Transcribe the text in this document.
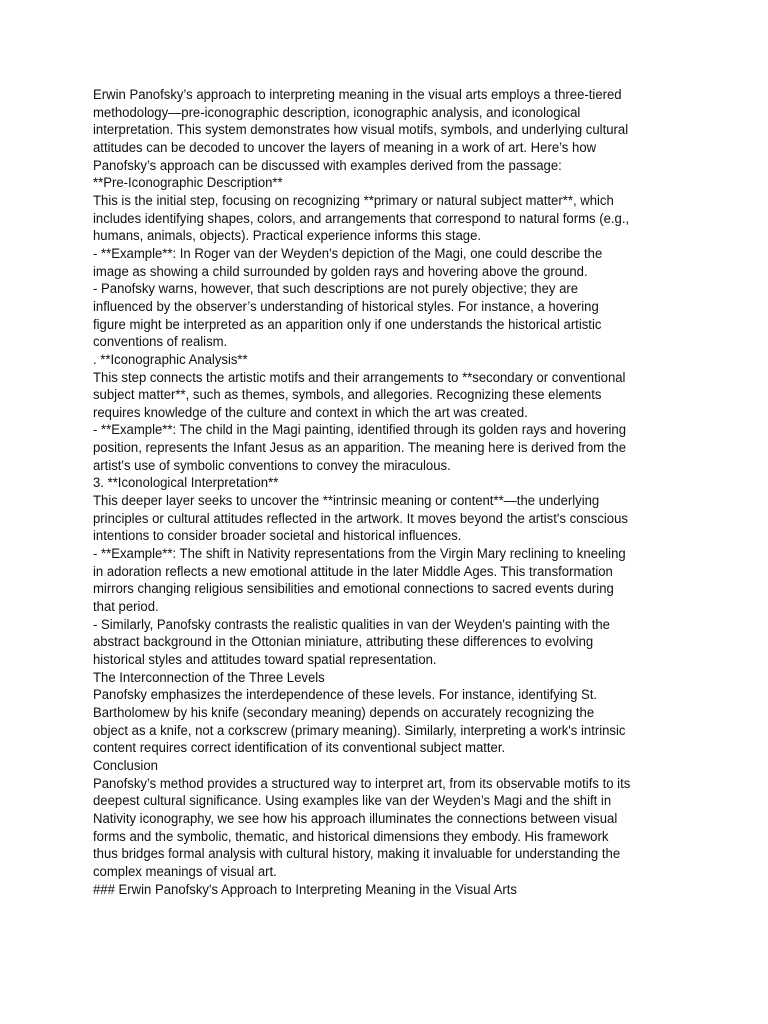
Erwin Panofsky’s approach to interpreting meaning in the visual arts employs a three-tiered
methodology—pre-iconographic description, iconographic analysis, and iconological
interpretation. This system demonstrates how visual motifs, symbols, and underlying cultural
attitudes can be decoded to uncover the layers of meaning in a work of art. Here’s how
Panofsky’s approach can be discussed with examples derived from the passage:
**Pre-Iconographic Description**
This is the initial step, focusing on recognizing **primary or natural subject matter**, which
includes identifying shapes, colors, and arrangements that correspond to natural forms (e.g.,
humans, animals, objects). Practical experience informs this stage.
- **Example**: In Roger van der Weyden's depiction of the Magi, one could describe the
image as showing a child surrounded by golden rays and hovering above the ground.
- Panofsky warns, however, that such descriptions are not purely objective; they are
influenced by the observer’s understanding of historical styles. For instance, a hovering
figure might be interpreted as an apparition only if one understands the historical artistic
conventions of realism.
. **Iconographic Analysis**
This step connects the artistic motifs and their arrangements to **secondary or conventional
subject matter**, such as themes, symbols, and allegories. Recognizing these elements
requires knowledge of the culture and context in which the art was created.
- **Example**: The child in the Magi painting, identified through its golden rays and hovering
position, represents the Infant Jesus as an apparition. The meaning here is derived from the
artist's use of symbolic conventions to convey the miraculous.
3. **Iconological Interpretation**
This deeper layer seeks to uncover the **intrinsic meaning or content**—the underlying
principles or cultural attitudes reflected in the artwork. It moves beyond the artist's conscious
intentions to consider broader societal and historical influences.
- **Example**: The shift in Nativity representations from the Virgin Mary reclining to kneeling
in adoration reflects a new emotional attitude in the later Middle Ages. This transformation
mirrors changing religious sensibilities and emotional connections to sacred events during
that period.
- Similarly, Panofsky contrasts the realistic qualities in van der Weyden's painting with the
abstract background in the Ottonian miniature, attributing these differences to evolving
historical styles and attitudes toward spatial representation.
The Interconnection of the Three Levels
Panofsky emphasizes the interdependence of these levels. For instance, identifying St.
Bartholomew by his knife (secondary meaning) depends on accurately recognizing the
object as a knife, not a corkscrew (primary meaning). Similarly, interpreting a work's intrinsic
content requires correct identification of its conventional subject matter.
Conclusion
Panofsky’s method provides a structured way to interpret art, from its observable motifs to its
deepest cultural significance. Using examples like van der Weyden’s Magi and the shift in
Nativity iconography, we see how his approach illuminates the connections between visual
forms and the symbolic, thematic, and historical dimensions they embody. His framework
thus bridges formal analysis with cultural history, making it invaluable for understanding the
complex meanings of visual art.
### Erwin Panofsky's Approach to Interpreting Meaning in the Visual Arts
